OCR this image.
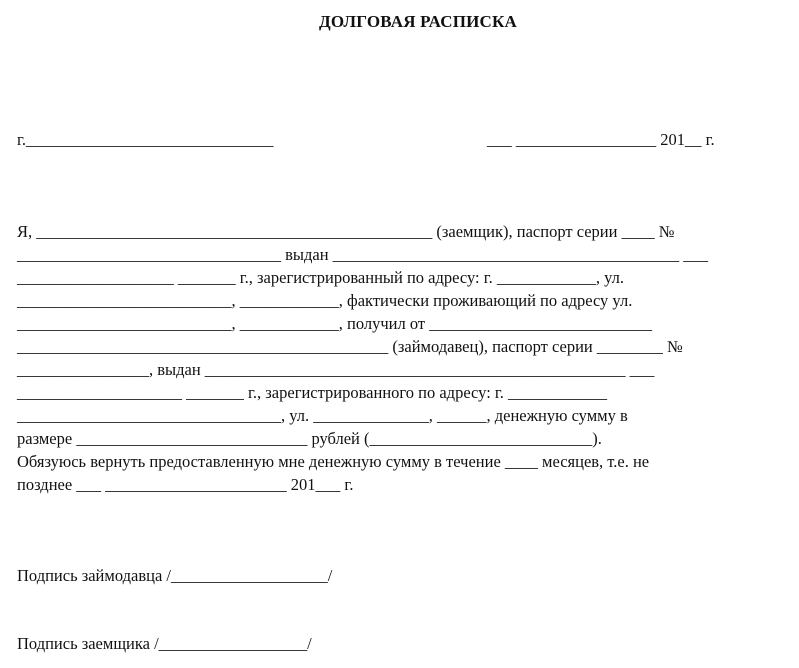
ДОЛГОВАЯ РАСПИСКА
г.______________________________	___ _________________ 201__ г.
Я, ________________________________________________ (заемщик), паспорт серии ____ №
________________________________ выдан __________________________________________ ___
___________________ _______ г., зарегистрированный по адресу: г. ____________, ул.
__________________________, ____________, фактически проживающий по адресу ул.
__________________________, ____________, получил от ___________________________
_____________________________________________ (займодавец), паспорт серии ________ №
________________, выдан ___________________________________________________ ___
____________________ _______ г., зарегистрированного по адресу: г. ____________
________________________________, ул. ______________, ______, денежную сумму в
размере ____________________________ рублей (___________________________).
Обязуюсь вернуть предоставленную мне денежную сумму в течение ____ месяцев, т.е. не
позднее ___ ______________________ 201___ г.
Подпись займодавца /___________________/
Подпись заемщика /__________________/
